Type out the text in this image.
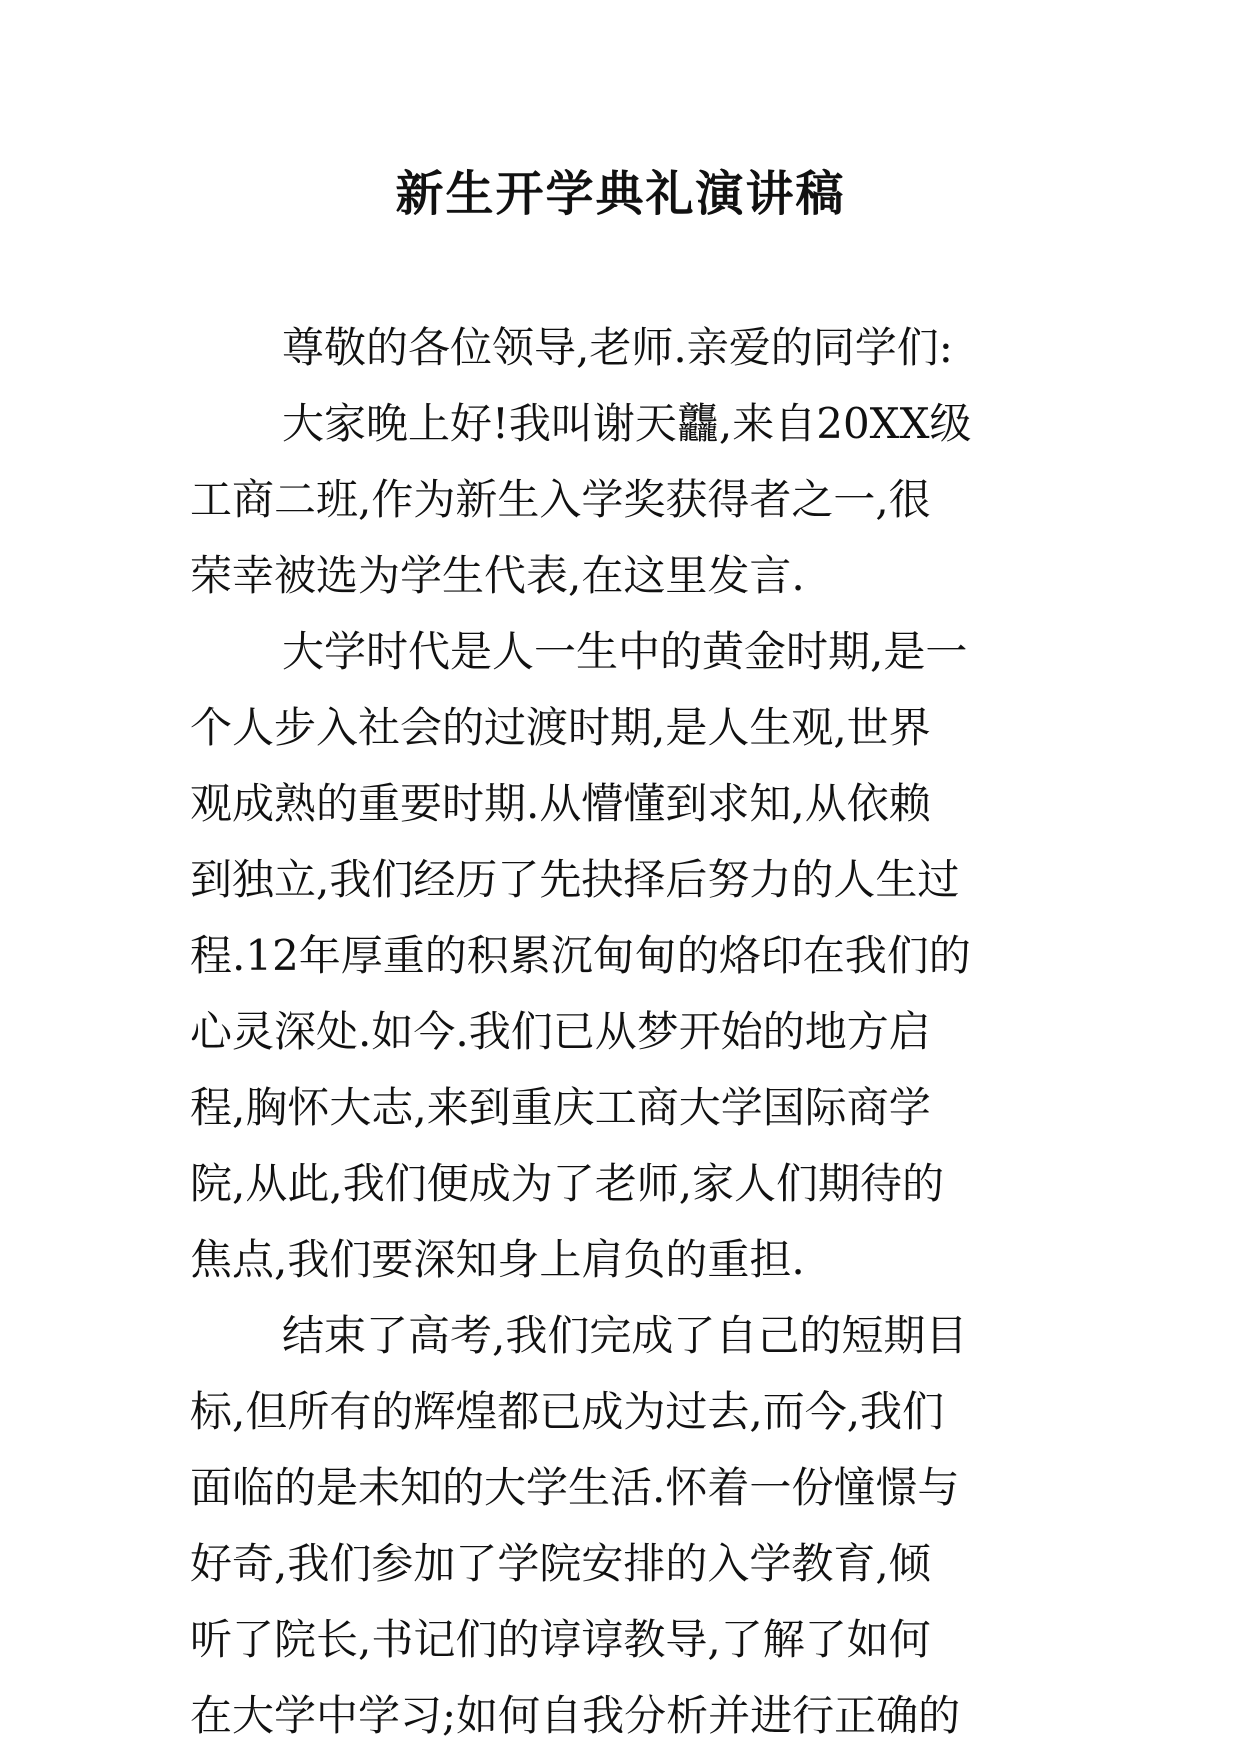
新生开学典礼演讲稿
尊敬的各位领导,老师.亲爱的同学们:
大家晚上好!我叫谢天龘,来自20XX级
工商二班,作为新生入学奖获得者之一,很
荣幸被选为学生代表,在这里发言.
大学时代是人一生中的黄金时期,是一
个人步入社会的过渡时期,是人生观,世界
观成熟的重要时期.从懵懂到求知,从依赖
到独立,我们经历了先抉择后努力的人生过
程.12年厚重的积累沉甸甸的烙印在我们的
心灵深处.如今.我们已从梦开始的地方启
程,胸怀大志,来到重庆工商大学国际商学
院,从此,我们便成为了老师,家人们期待的
焦点,我们要深知身上肩负的重担.
结束了高考,我们完成了自己的短期目
标,但所有的辉煌都已成为过去,而今,我们
面临的是未知的大学生活.怀着一份憧憬与
好奇,我们参加了学院安排的入学教育,倾
听了院长,书记们的谆谆教导,了解了如何
在大学中学习;如何自我分析并进行正确的
